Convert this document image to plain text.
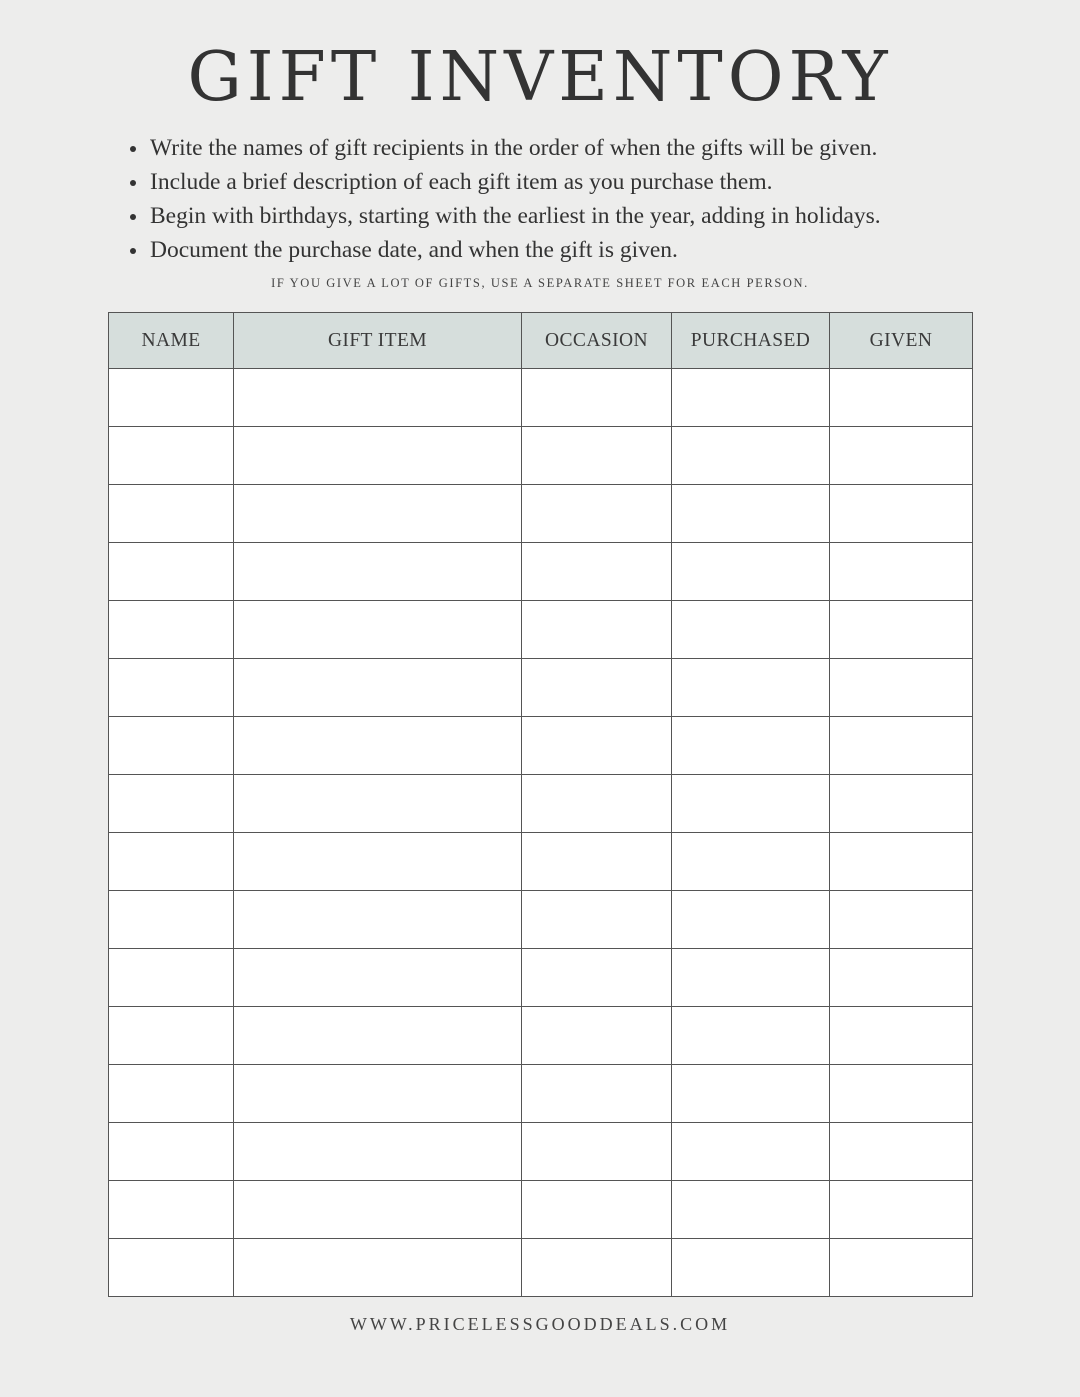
GIFT INVENTORY
Write the names of gift recipients in the order of when the gifts will be given.
Include a brief description of each gift item as you purchase them.
Begin with birthdays, starting with the earliest in the year, adding in holidays.
Document the purchase date, and when the gift is given.
IF YOU GIVE A LOT OF GIFTS, USE A SEPARATE SHEET FOR EACH PERSON.
NAME	GIFT ITEM	OCCASION	PURCHASED	GIVEN

WWW.PRICELESSGOODDEALS.COM
